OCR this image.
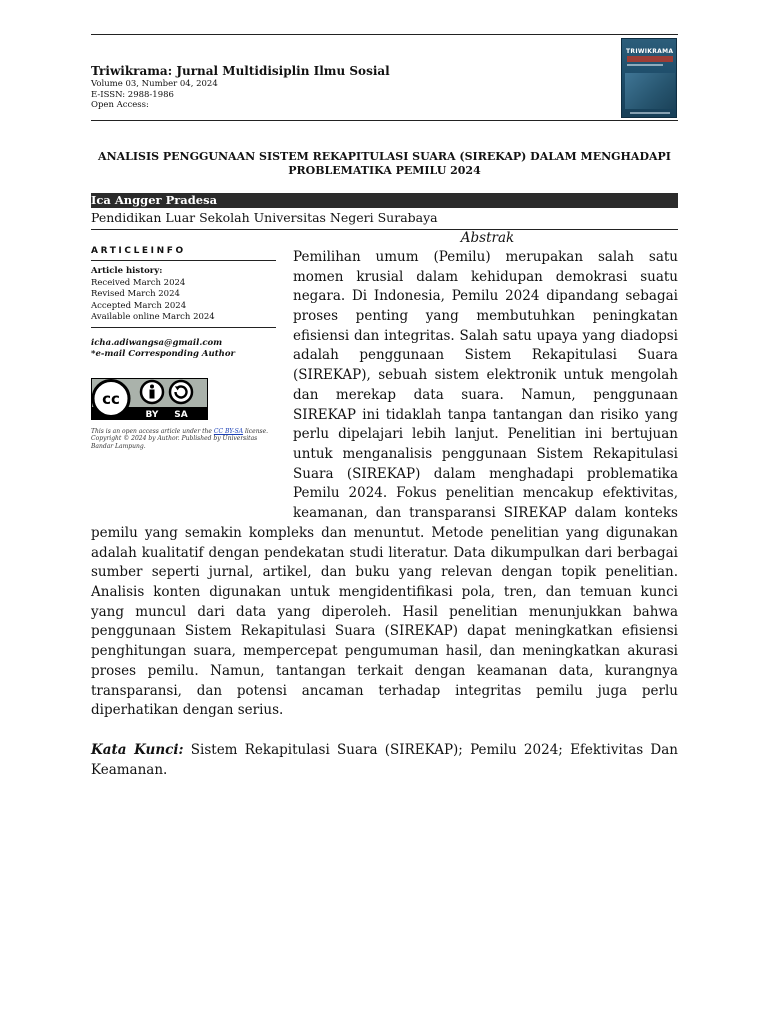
Triwikrama: Jurnal Multidisiplin Ilmu Sosial
Volume 03, Number 04, 2024
E-ISSN: 2988-1986
Open Access:
TRIWIKRAMA
ANALISIS PENGGUNAAN SISTEM REKAPITULASI SUARA (SIREKAP) DALAM MENGHADAPI
PROBLEMATIKA PEMILU 2024
Ica Angger Pradesa
Pendidikan Luar Sekolah Universitas Negeri Surabaya
ARTICLEINFO
Article history:
Received March 2024
Revised March 2024
Accepted March 2024
Available online March 2024
icha.adiwangsa@gmail.com
*e-mail Corresponding Author
cc
BY SA
This is an open access article under the CC BY-SA license.
Copyright © 2024 by Author. Published by Universitas
Bandar Lampung.
Abstrak
Pemilihan umum (Pemilu) merupakan salah satu
momen krusial dalam kehidupan demokrasi suatu
negara. Di Indonesia, Pemilu 2024 dipandang sebagai
proses penting yang membutuhkan peningkatan
efisiensi dan integritas. Salah satu upaya yang diadopsi
adalah penggunaan Sistem Rekapitulasi Suara
(SIREKAP), sebuah sistem elektronik untuk mengolah
dan merekap data suara. Namun, penggunaan
SIREKAP ini tidaklah tanpa tantangan dan risiko yang
perlu dipelajari lebih lanjut. Penelitian ini bertujuan
untuk menganalisis penggunaan Sistem Rekapitulasi
Suara (SIREKAP) dalam menghadapi problematika
Pemilu 2024. Fokus penelitian mencakup efektivitas,
keamanan, dan transparansi SIREKAP dalam konteks
pemilu yang semakin kompleks dan menuntut. Metode penelitian yang digunakan
adalah kualitatif dengan pendekatan studi literatur. Data dikumpulkan dari berbagai
sumber seperti jurnal, artikel, dan buku yang relevan dengan topik penelitian.
Analisis konten digunakan untuk mengidentifikasi pola, tren, dan temuan kunci
yang muncul dari data yang diperoleh. Hasil penelitian menunjukkan bahwa
penggunaan Sistem Rekapitulasi Suara (SIREKAP) dapat meningkatkan efisiensi
penghitungan suara, mempercepat pengumuman hasil, dan meningkatkan akurasi
proses pemilu. Namun, tantangan terkait dengan keamanan data, kurangnya
transparansi, dan potensi ancaman terhadap integritas pemilu juga perlu
diperhatikan dengan serius.
Kata Kunci: Sistem Rekapitulasi Suara (SIREKAP); Pemilu 2024; Efektivitas Dan Keamanan.
